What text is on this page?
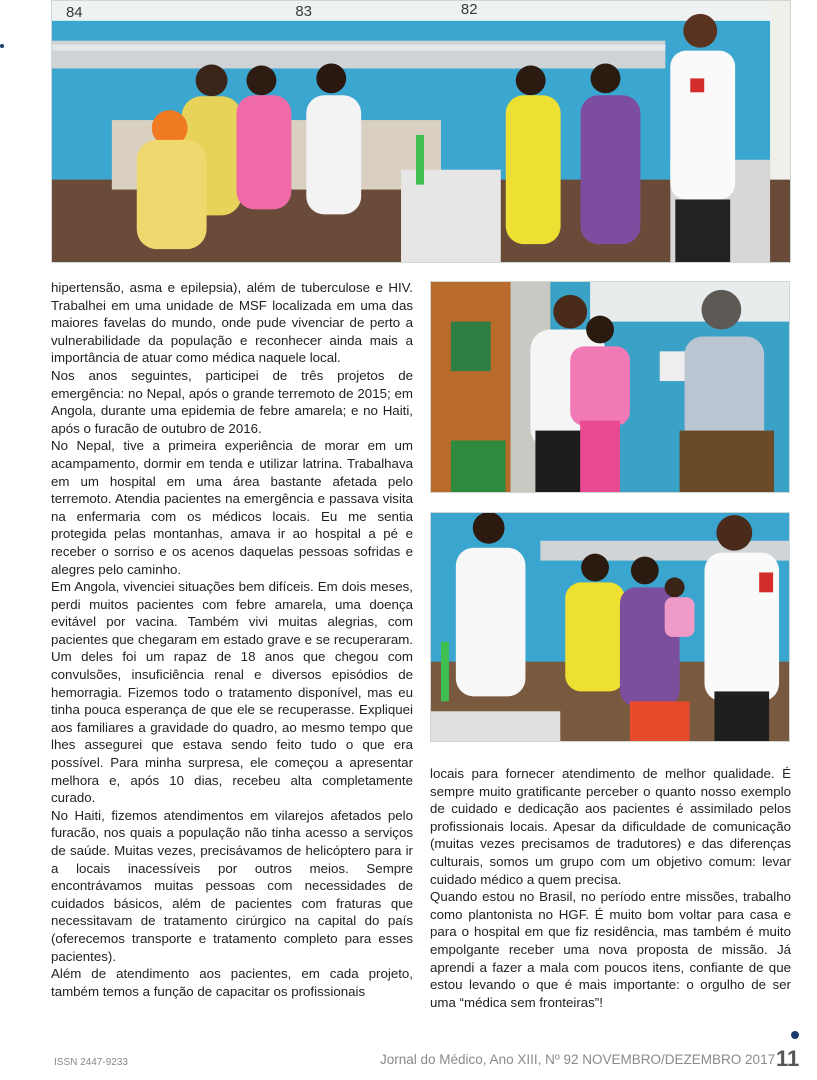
84	83	82

hipertensão, asma e epilepsia), além de tuberculose e HIV. Trabalhei em uma unidade de MSF localizada em uma das maiores favelas do mundo, onde pude vivenciar de perto a vulnerabilidade da população e reconhecer ainda mais a importância de atuar como médica naquele local.

Nos anos seguintes, participei de três projetos de emergência: no Nepal, após o grande terremoto de 2015; em Angola, durante uma epidemia de febre amarela; e no Haiti, após o furacão de outubro de 2016.

No Nepal, tive a primeira experiência de morar em um acampamento, dormir em tenda e utilizar latrina. Trabalhava em um hospital em uma área bastante afetada pelo terremoto. Atendia pacientes na emergência e passava visita na enfermaria com os médicos locais. Eu me sentia protegida pelas montanhas, amava ir ao hospital a pé e receber o sorriso e os acenos daquelas pessoas sofridas e alegres pelo caminho.

Em Angola, vivenciei situações bem difíceis. Em dois meses, perdi muitos pacientes com febre amarela, uma doença evitável por vacina. Também vivi muitas alegrias, com pacientes que chegaram em estado grave e se recuperaram. Um deles foi um rapaz de 18 anos que chegou com convulsões, insuficiência renal e diversos episódios de hemorragia. Fizemos todo o tratamento disponível, mas eu tinha pouca esperança de que ele se recuperasse. Expliquei aos familiares a gravidade do quadro, ao mesmo tempo que lhes assegurei que estava sendo feito tudo o que era possível. Para minha surpresa, ele começou a apresentar melhora e, após 10 dias, recebeu alta completamente curado.

No Haiti, fizemos atendimentos em vilarejos afetados pelo furacão, nos quais a população não tinha acesso a serviços de saúde. Muitas vezes, precisávamos de helicóptero para ir a locais inacessíveis por outros meios. Sempre encontrávamos muitas pessoas com necessidades de cuidados básicos, além de pacientes com fraturas que necessitavam de tratamento cirúrgico na capital do país (oferecemos transporte e tratamento completo para esses pacientes).

Além de atendimento aos pacientes, em cada projeto, também temos a função de capacitar os profissionais

locais para fornecer atendimento de melhor qualidade. É sempre muito gratificante perceber o quanto nosso exemplo de cuidado e dedicação aos pacientes é assimilado pelos profissionais locais. Apesar da dificuldade de comunicação (muitas vezes precisamos de tradutores) e das diferenças culturais, somos um grupo com um objetivo comum: levar cuidado médico a quem precisa.

Quando estou no Brasil, no período entre missões, trabalho como plantonista no HGF. É muito bom voltar para casa e para o hospital em que fiz residência, mas também é muito empolgante receber uma nova proposta de missão. Já aprendi a fazer a mala com poucos itens, confiante de que estou levando o que é mais importante: o orgulho de ser uma “médica sem fronteiras”!

ISSN 2447-9233	Jornal do Médico, Ano XIII, Nº 92 NOVEMBRO/DEZEMBRO 2017 11
